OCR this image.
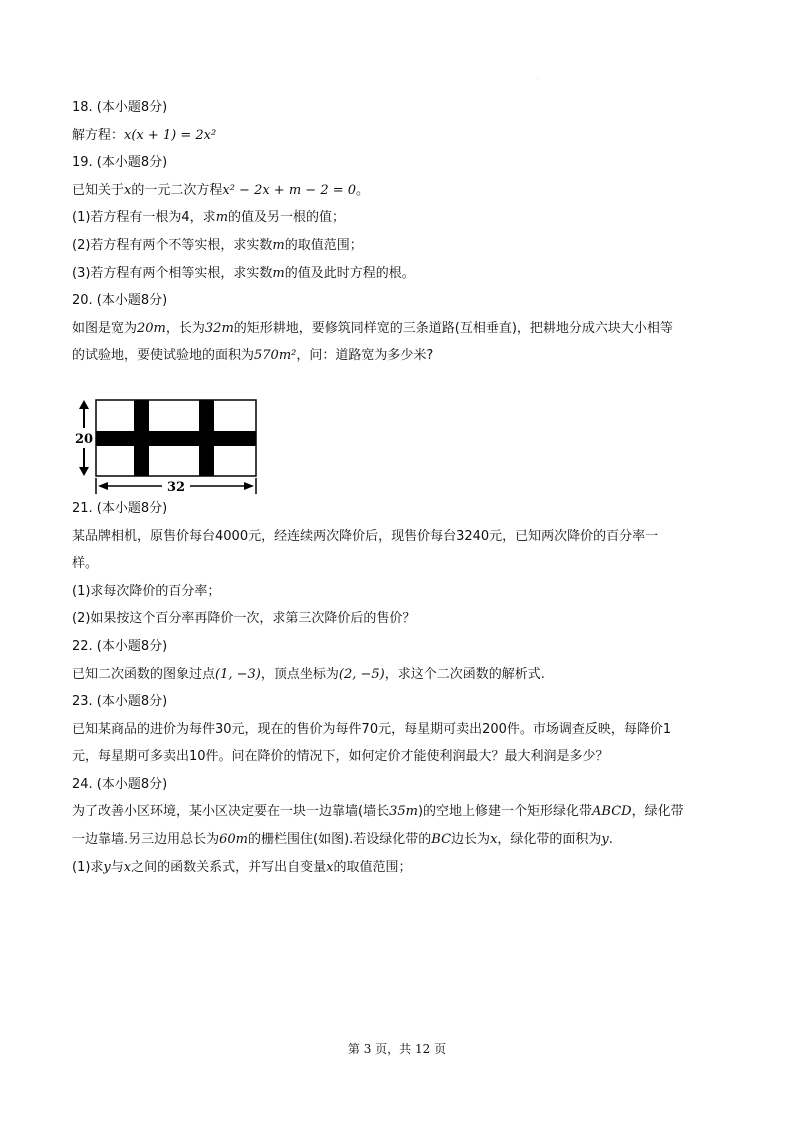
·
18. (本小题8分)
解方程：x(x + 1) = 2x²
19. (本小题8分)
已知关于x的一元二次方程x² − 2x + m − 2 = 0。
(1)若方程有一根为4，求m的值及另一根的值；
(2)若方程有两个不等实根，求实数m的取值范围；
(3)若方程有两个相等实根，求实数m的值及此时方程的根。
20. (本小题8分)
如图是宽为20m，长为32m的矩形耕地，要修筑同样宽的三条道路(互相垂直)，把耕地分成六块大小相等
的试验地，要使试验地的面积为570m²，问：道路宽为多少米?
21. (本小题8分)
某品牌相机，原售价每台4000元，经连续两次降价后，现售价每台3240元，已知两次降价的百分率一
样。
(1)求每次降价的百分率；
(2)如果按这个百分率再降价一次，求第三次降价后的售价？
22. (本小题8分)
已知二次函数的图象过点(1, −3)，顶点坐标为(2, −5)，求这个二次函数的解析式.
23. (本小题8分)
已知某商品的进价为每件30元，现在的售价为每件70元，每星期可卖出200件。市场调查反映，每降价1
元，每星期可多卖出10件。问在降价的情况下，如何定价才能使利润最大？最大利润是多少？
24. (本小题8分)
为了改善小区环境，某小区决定要在一块一边靠墙(墙长35m)的空地上修建一个矩形绿化带ABCD，绿化带
一边靠墙.另三边用总长为60m的栅栏围住(如图).若设绿化带的BC边长为x，绿化带的面积为y.
(1)求y与x之间的函数关系式，并写出自变量x的取值范围；
20
32
第 3 页，共 12 页
